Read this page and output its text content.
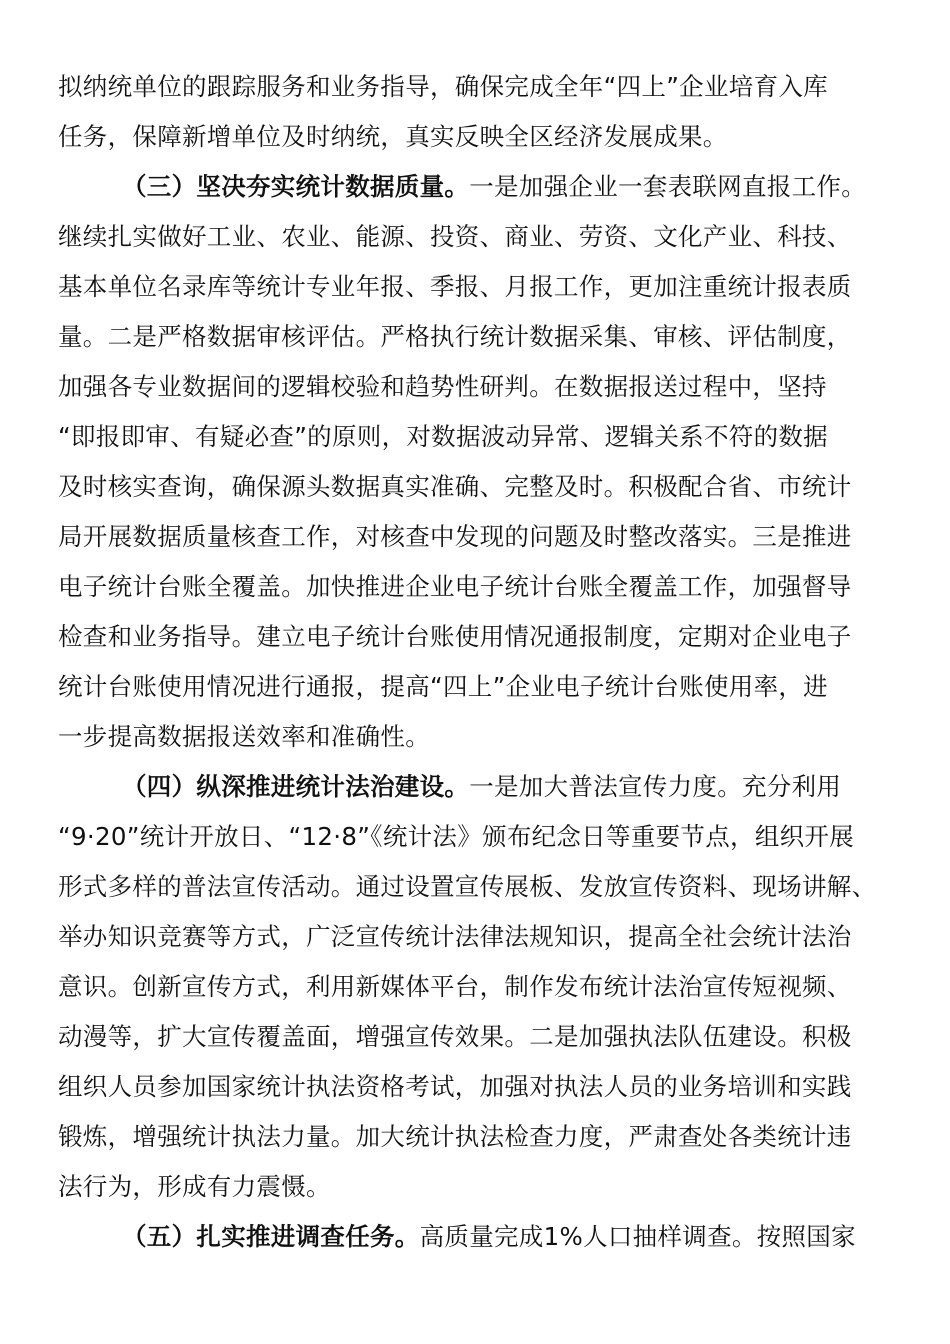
拟纳统单位的跟踪服务和业务指导，确保完成全年“四上”企业培育入库
任务，保障新增单位及时纳统，真实反映全区经济发展成果。
（三）坚决夯实统计数据质量。一是加强企业一套表联网直报工作。
继续扎实做好工业、农业、能源、投资、商业、劳资、文化产业、科技、
基本单位名录库等统计专业年报、季报、月报工作，更加注重统计报表质
量。二是严格数据审核评估。严格执行统计数据采集、审核、评估制度，
加强各专业数据间的逻辑校验和趋势性研判。在数据报送过程中，坚持
“即报即审、有疑必查”的原则，对数据波动异常、逻辑关系不符的数据
及时核实查询，确保源头数据真实准确、完整及时。积极配合省、市统计
局开展数据质量核查工作，对核查中发现的问题及时整改落实。三是推进
电子统计台账全覆盖。加快推进企业电子统计台账全覆盖工作，加强督导
检查和业务指导。建立电子统计台账使用情况通报制度，定期对企业电子
统计台账使用情况进行通报，提高“四上”企业电子统计台账使用率，进
一步提高数据报送效率和准确性。
（四）纵深推进统计法治建设。一是加大普法宣传力度。充分利用
“9·20”统计开放日、“12·8”《统计法》颁布纪念日等重要节点，组织开展
形式多样的普法宣传活动。通过设置宣传展板、发放宣传资料、现场讲解、
举办知识竞赛等方式，广泛宣传统计法律法规知识，提高全社会统计法治
意识。创新宣传方式，利用新媒体平台，制作发布统计法治宣传短视频、
动漫等，扩大宣传覆盖面，增强宣传效果。二是加强执法队伍建设。积极
组织人员参加国家统计执法资格考试，加强对执法人员的业务培训和实践
锻炼，增强统计执法力量。加大统计执法检查力度，严肃查处各类统计违
法行为，形成有力震慑。
（五）扎实推进调查任务。高质量完成1%人口抽样调查。按照国家
